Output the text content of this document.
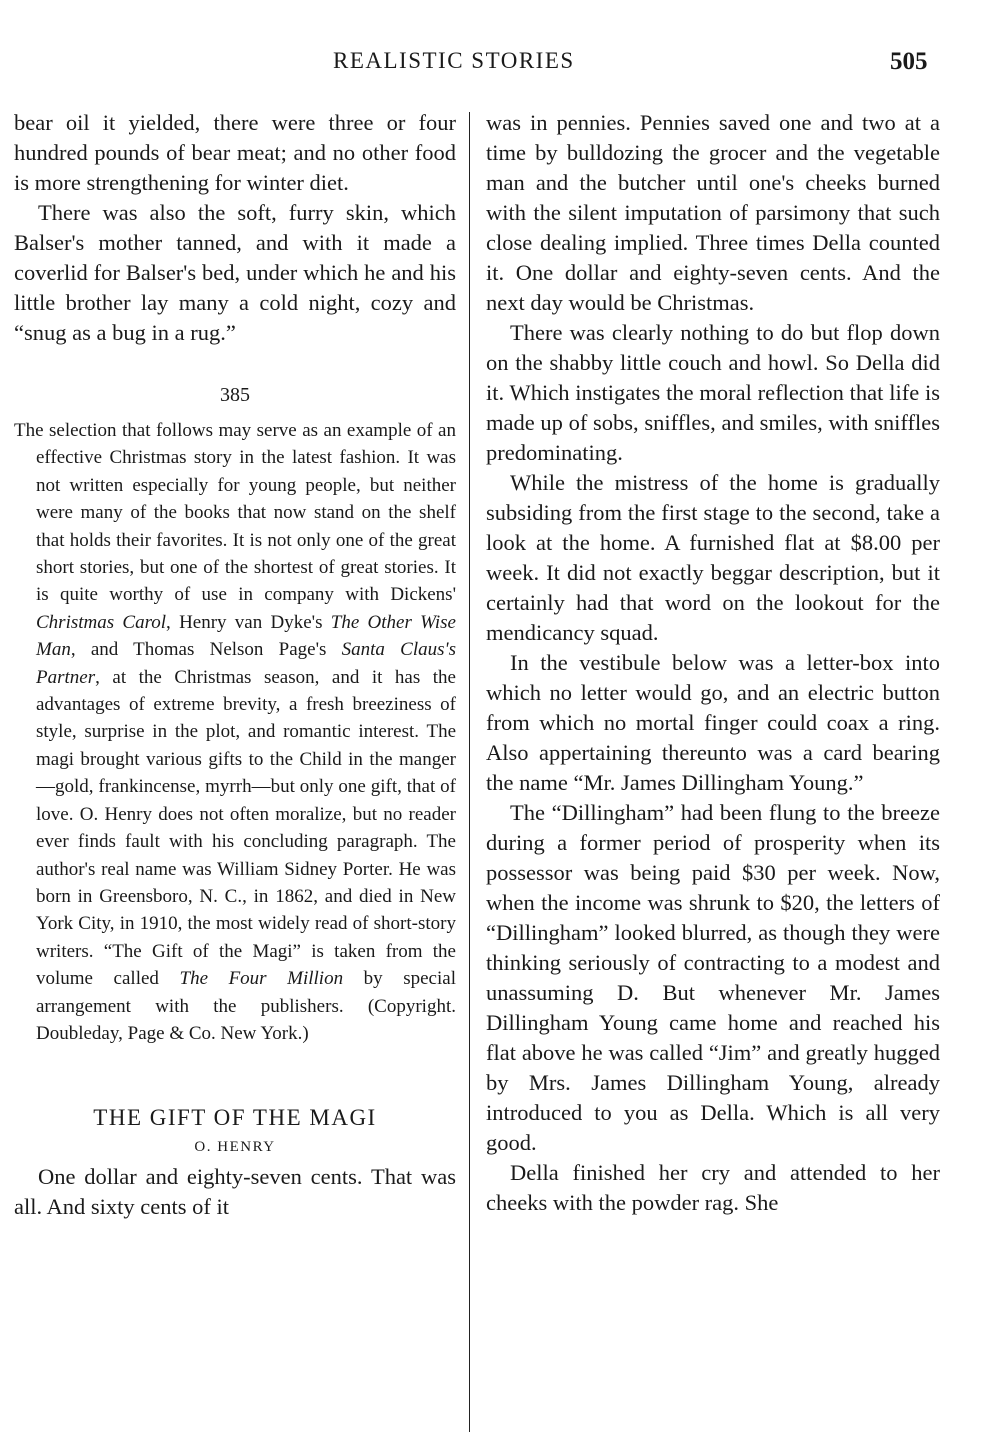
REALISTIC STORIES	505

bear oil it yielded, there were three or four hundred pounds of bear meat; and no other food is more strengthening for winter diet.

There was also the soft, furry skin, which Balser's mother tanned, and with it made a coverlid for Balser's bed, under which he and his little brother lay many a cold night, cozy and “snug as a bug in a rug.”

385

The selection that follows may serve as an example of an effective Christmas story in the latest fashion. It was not written especially for young people, but neither were many of the books that now stand on the shelf that holds their favorites. It is not only one of the great short stories, but one of the shortest of great stories. It is quite worthy of use in company with Dickens' Christmas Carol, Henry van Dyke's The Other Wise Man, and Thomas Nelson Page's Santa Claus's Partner, at the Christmas season, and it has the advantages of extreme brevity, a fresh breeziness of style, surprise in the plot, and romantic interest. The magi brought various gifts to the Child in the manger—gold, frankincense, myrrh—but only one gift, that of love. O. Henry does not often moralize, but no reader ever finds fault with his concluding paragraph. The author's real name was William Sidney Porter. He was born in Greensboro, N. C., in 1862, and died in New York City, in 1910, the most widely read of short-story writers. “The Gift of the Magi” is taken from the volume called The Four Million by special arrangement with the publishers. (Copyright. Doubleday, Page & Co. New York.)

THE GIFT OF THE MAGI
O. HENRY

One dollar and eighty-seven cents. That was all. And sixty cents of it

was in pennies. Pennies saved one and two at a time by bulldozing the grocer and the vegetable man and the butcher until one's cheeks burned with the silent imputation of parsimony that such close dealing implied. Three times Della counted it. One dollar and eighty-seven cents. And the next day would be Christmas.

There was clearly nothing to do but flop down on the shabby little couch and howl. So Della did it. Which instigates the moral reflection that life is made up of sobs, sniffles, and smiles, with sniffles predominating.

While the mistress of the home is gradually subsiding from the first stage to the second, take a look at the home. A furnished flat at $8.00 per week. It did not exactly beggar description, but it certainly had that word on the lookout for the mendicancy squad.

In the vestibule below was a letter-box into which no letter would go, and an electric button from which no mortal finger could coax a ring. Also appertaining thereunto was a card bearing the name “Mr. James Dillingham Young.”

The “Dillingham” had been flung to the breeze during a former period of prosperity when its possessor was being paid $30 per week. Now, when the income was shrunk to $20, the letters of “Dillingham” looked blurred, as though they were thinking seriously of contracting to a modest and unassuming D. But whenever Mr. James Dillingham Young came home and reached his flat above he was called “Jim” and greatly hugged by Mrs. James Dillingham Young, already introduced to you as Della. Which is all very good.

Della finished her cry and attended to her cheeks with the powder rag. She
